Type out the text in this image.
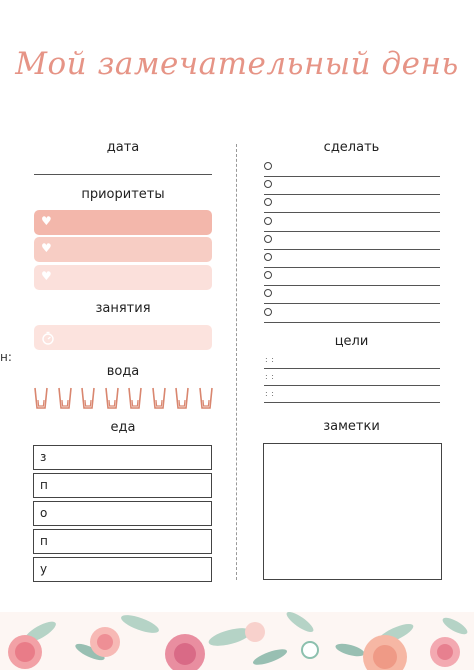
Мой замечательный день
н:
дата
приоритеты
♥
♥
♥
занятия
вода
еда
з
п
о
п
у
сделать
цели
: :
: :
: :
заметки
